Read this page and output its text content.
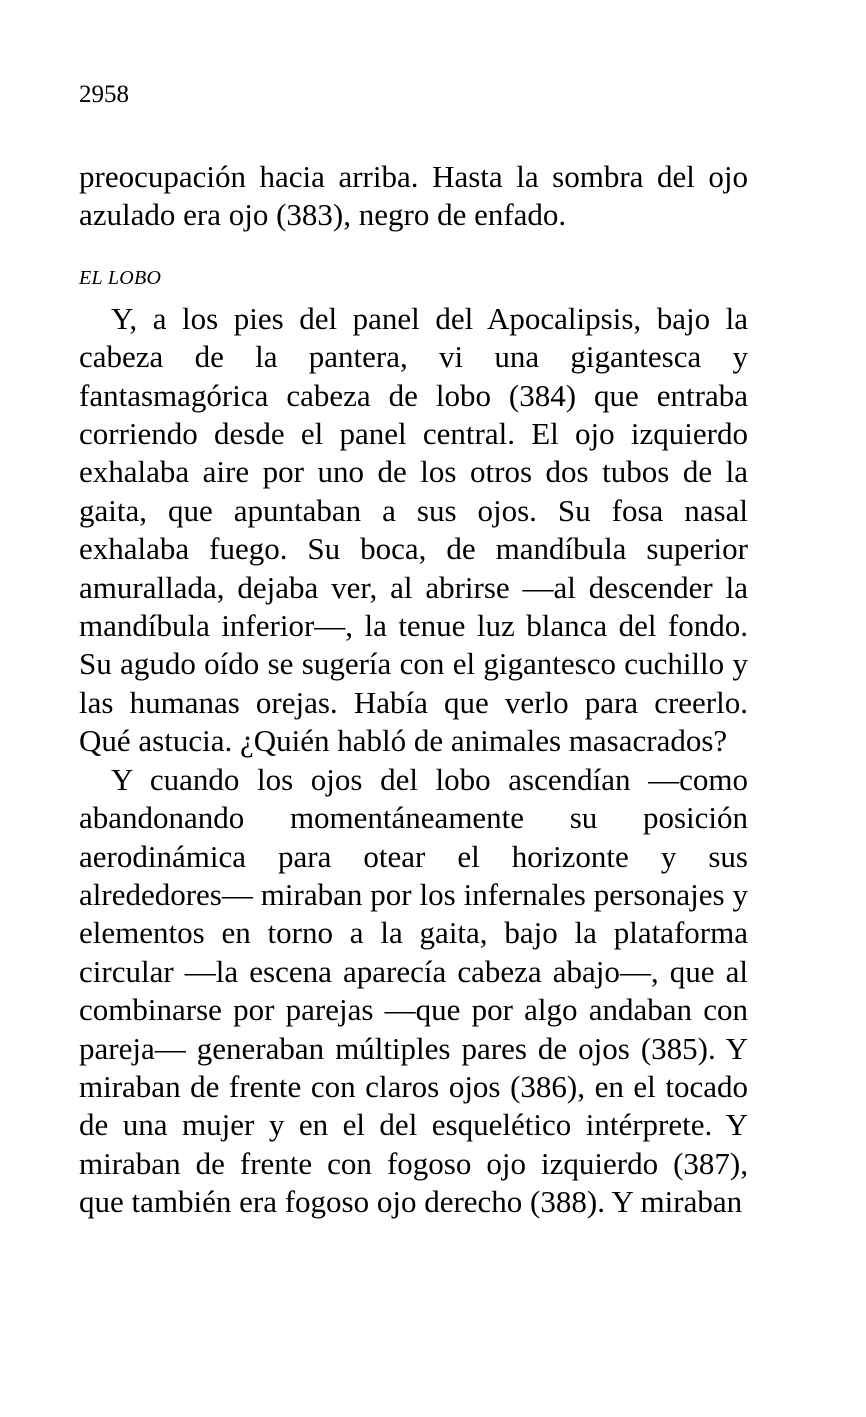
2958

preocupación hacia arriba. Hasta la sombra del ojo azulado era ojo (383), negro de enfado.

EL LOBO

Y, a los pies del panel del Apocalipsis, bajo la cabeza de la pantera, vi una gigantesca y fantasmagórica cabeza de lobo (384) que entraba corriendo desde el panel central. El ojo izquierdo exhalaba aire por uno de los otros dos tubos de la gaita, que apuntaban a sus ojos. Su fosa nasal exhalaba fuego. Su boca, de mandíbula superior amurallada, dejaba ver, al abrirse —al descender la mandíbula inferior—, la tenue luz blanca del fondo. Su agudo oído se sugería con el gigantesco cuchillo y las humanas orejas. Había que verlo para creerlo. Qué astucia. ¿Quién habló de animales masacrados?

Y cuando los ojos del lobo ascendían —como abandonando momentáneamente su posición aerodinámica para otear el horizonte y sus alrededores— miraban por los infernales personajes y elementos en torno a la gaita, bajo la plataforma circular —la escena aparecía cabeza abajo—, que al combinarse por parejas —que por algo andaban con pareja— generaban múltiples pares de ojos (385). Y miraban de frente con claros ojos (386), en el tocado de una mujer y en el del esquelético intérprete. Y miraban de frente con fogoso ojo izquierdo (387), que también era fogoso ojo derecho (388). Y miraban
